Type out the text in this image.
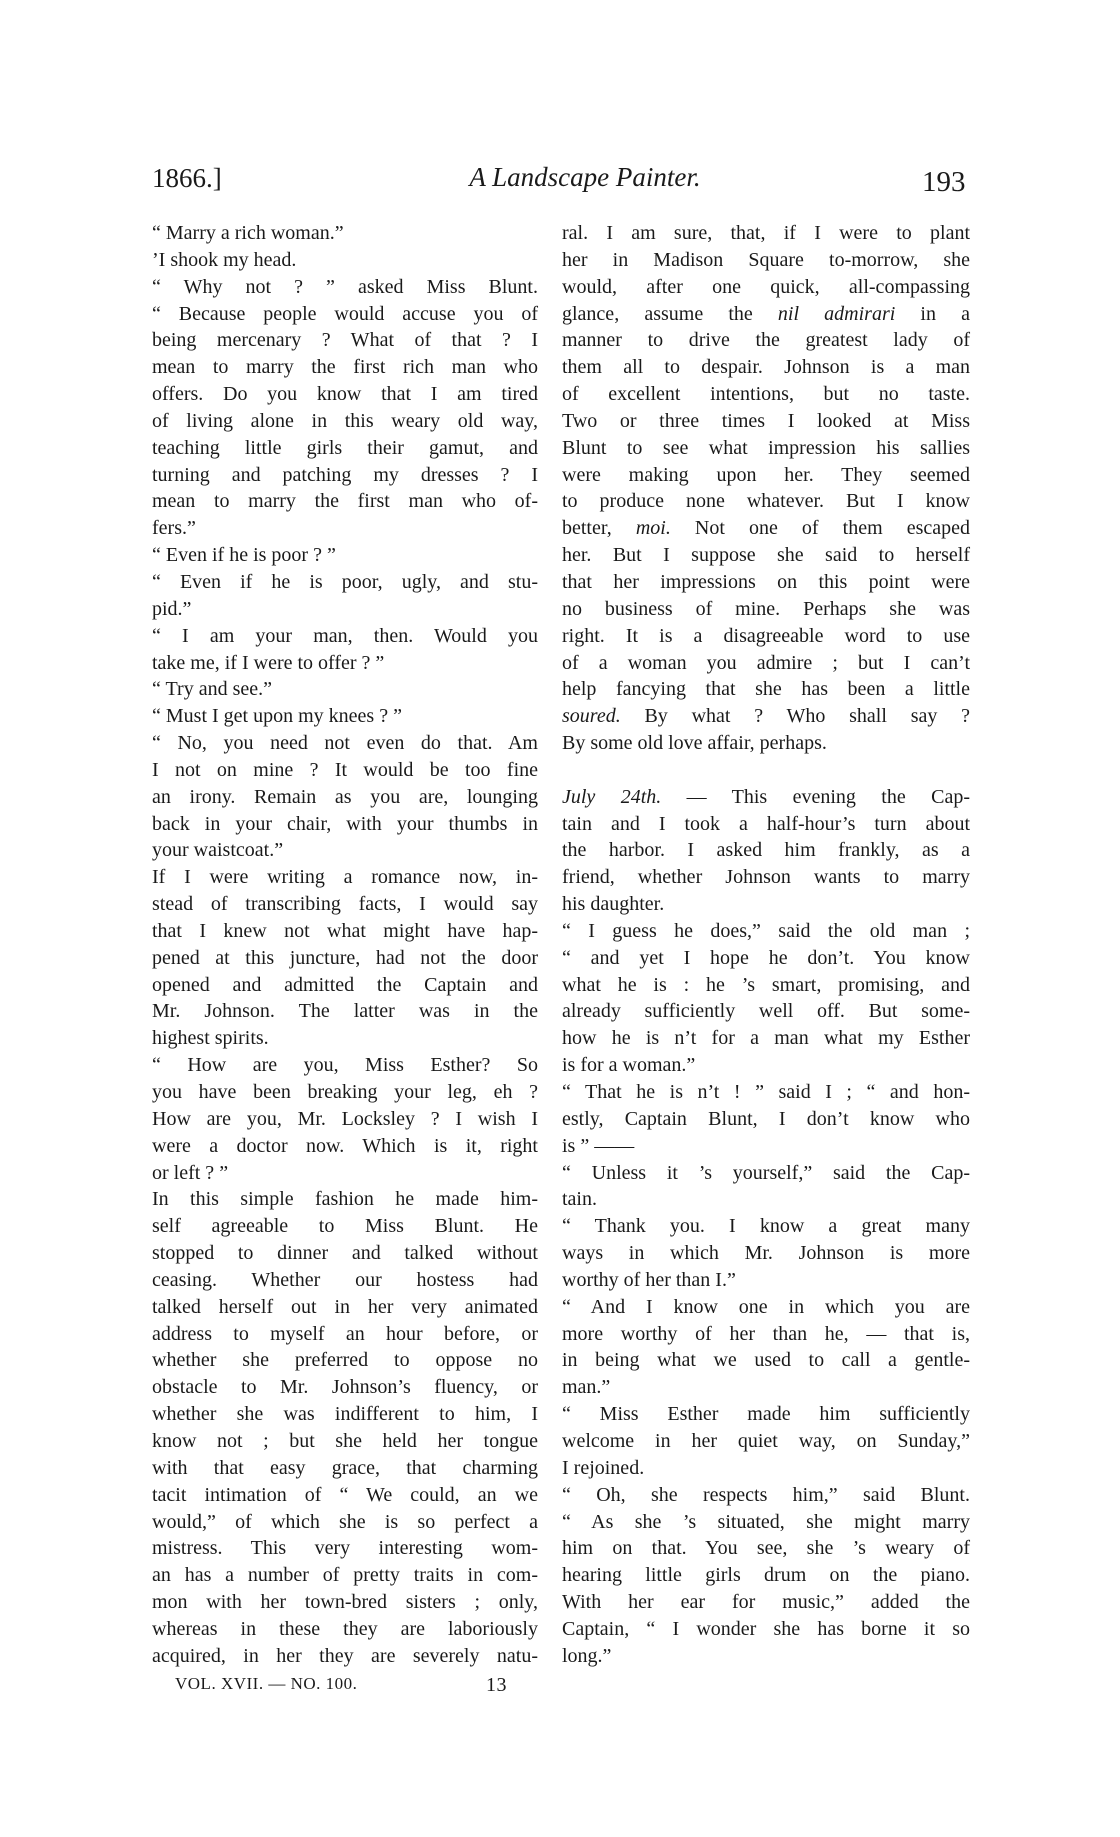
1866.]	A Landscape Painter.	193
“ Marry a rich woman.”
’I shook my head.
“ Why not ? ” asked Miss Blunt.
“ Because people would accuse you of
being mercenary ? What of that ? I
mean to marry the first rich man who
offers. Do you know that I am tired
of living alone in this weary old way,
teaching little girls their gamut, and
turning and patching my dresses ? I
mean to marry the first man who of-
fers.”
“ Even if he is poor ? ”
“ Even if he is poor, ugly, and stu-
pid.”
“ I am your man, then. Would you
take me, if I were to offer ? ”
“ Try and see.”
“ Must I get upon my knees ? ”
“ No, you need not even do that. Am
I not on mine ? It would be too fine
an irony. Remain as you are, lounging
back in your chair, with your thumbs in
your waistcoat.”
If I were writing a romance now, in-
stead of transcribing facts, I would say
that I knew not what might have hap-
pened at this juncture, had not the door
opened and admitted the Captain and
Mr. Johnson. The latter was in the
highest spirits.
“ How are you, Miss Esther? So
you have been breaking your leg, eh ?
How are you, Mr. Locksley ? I wish I
were a doctor now. Which is it, right
or left ? ”
In this simple fashion he made him-
self agreeable to Miss Blunt. He
stopped to dinner and talked without
ceasing. Whether our hostess had
talked herself out in her very animated
address to myself an hour before, or
whether she preferred to oppose no
obstacle to Mr. Johnson’s fluency, or
whether she was indifferent to him, I
know not ; but she held her tongue
with that easy grace, that charming
tacit intimation of “ We could, an we
would,” of which she is so perfect a
mistress. This very interesting wom-
an has a number of pretty traits in com-
mon with her town-bred sisters ; only,
whereas in these they are laboriously
acquired, in her they are severely natu-
ral. I am sure, that, if I were to plant
her in Madison Square to-morrow, she
would, after one quick, all-compassing
glance, assume the nil admirari in a
manner to drive the greatest lady of
them all to despair. Johnson is a man
of excellent intentions, but no taste.
Two or three times I looked at Miss
Blunt to see what impression his sallies
were making upon her. They seemed
to produce none whatever. But I know
better, moi. Not one of them escaped
her. But I suppose she said to herself
that her impressions on this point were
no business of mine. Perhaps she was
right. It is a disagreeable word to use
of a woman you admire ; but I can’t
help fancying that she has been a little
soured. By what ? Who shall say ?
By some old love affair, perhaps.
July 24th. — This evening the Cap-
tain and I took a half-hour’s turn about
the harbor. I asked him frankly, as a
friend, whether Johnson wants to marry
his daughter.
“ I guess he does,” said the old man ;
“ and yet I hope he don’t. You know
what he is : he ’s smart, promising, and
already sufficiently well off. But some-
how he is n’t for a man what my Esther
is for a woman.”
“ That he is n’t ! ” said I ; “ and hon-
estly, Captain Blunt, I don’t know who
is ” ——
“ Unless it ’s yourself,” said the Cap-
tain.
“ Thank you. I know a great many
ways in which Mr. Johnson is more
worthy of her than I.”
“ And I know one in which you are
more worthy of her than he, — that is,
in being what we used to call a gentle-
man.”
“ Miss Esther made him sufficiently
welcome in her quiet way, on Sunday,”
I rejoined.
“ Oh, she respects him,” said Blunt.
“ As she ’s situated, she might marry
him on that. You see, she ’s weary of
hearing little girls drum on the piano.
With her ear for music,” added the
Captain, “ I wonder she has borne it so
long.”
VOL. XVII. — NO. 100.	13
